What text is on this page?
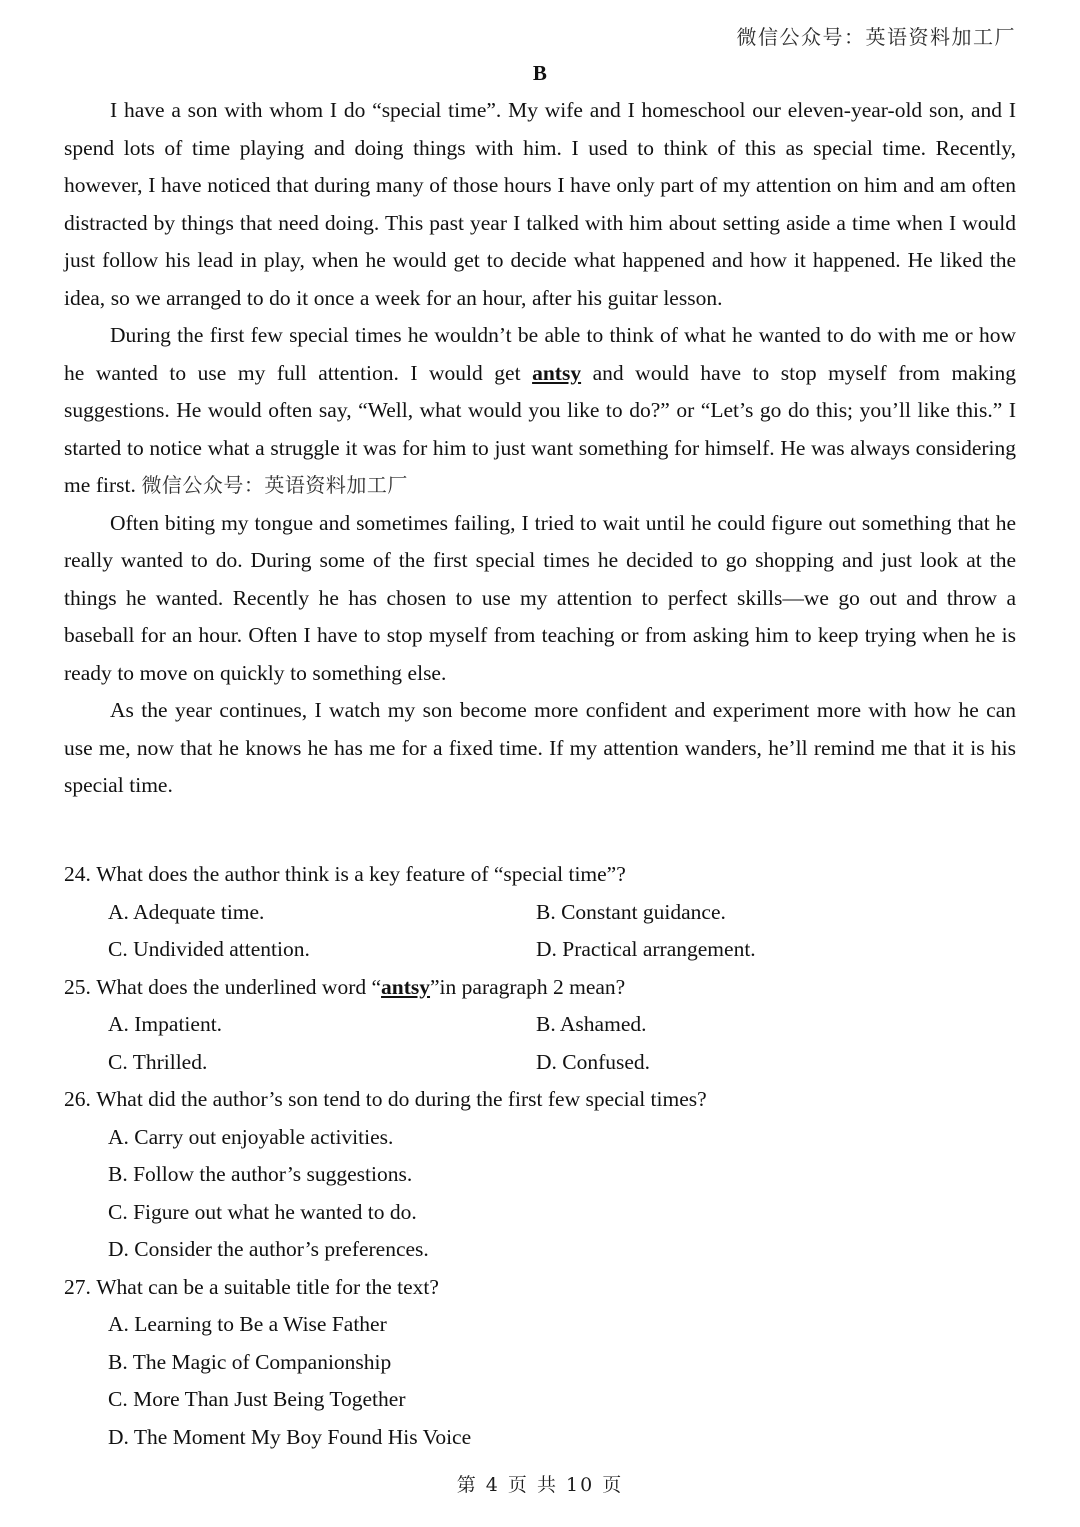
微信公众号：英语资料加工厂
B

I have a son with whom I do “special time”. My wife and I homeschool our eleven-year-old son, and I spend lots of time playing and doing things with him. I used to think of this as special time. Recently, however, I have noticed that during many of those hours I have only part of my attention on him and am often distracted by things that need doing. This past year I talked with him about setting aside a time when I would just follow his lead in play, when he would get to decide what happened and how it happened. He liked the idea, so we arranged to do it once a week for an hour, after his guitar lesson.

During the first few special times he wouldn’t be able to think of what he wanted to do with me or how he wanted to use my full attention. I would get antsy and would have to stop myself from making suggestions. He would often say, “Well, what would you like to do?” or “Let’s go do this; you’ll like this.” I started to notice what a struggle it was for him to just want something for himself. He was always considering me first. 微信公众号：英语资料加工厂

Often biting my tongue and sometimes failing, I tried to wait until he could figure out something that he really wanted to do. During some of the first special times he decided to go shopping and just look at the things he wanted. Recently he has chosen to use my attention to perfect skills—we go out and throw a baseball for an hour. Often I have to stop myself from teaching or from asking him to keep trying when he is ready to move on quickly to something else.

As the year continues, I watch my son become more confident and experiment more with how he can use me, now that he knows he has me for a fixed time. If my attention wanders, he’ll remind me that it is his special time.

24. What does the author think is a key feature of “special time”?
A. Adequate time.	B. Constant guidance.
C. Undivided attention.	D. Practical arrangement.
25. What does the underlined word “antsy”in paragraph 2 mean?
A. Impatient.	B. Ashamed.
C. Thrilled.	D. Confused.
26. What did the author’s son tend to do during the first few special times?
A. Carry out enjoyable activities.
B. Follow the author’s suggestions.
C. Figure out what he wanted to do.
D. Consider the author’s preferences.
27. What can be a suitable title for the text?
A. Learning to Be a Wise Father
B. The Magic of Companionship
C. More Than Just Being Together
D. The Moment My Boy Found His Voice
第 4 页 共 10 页
